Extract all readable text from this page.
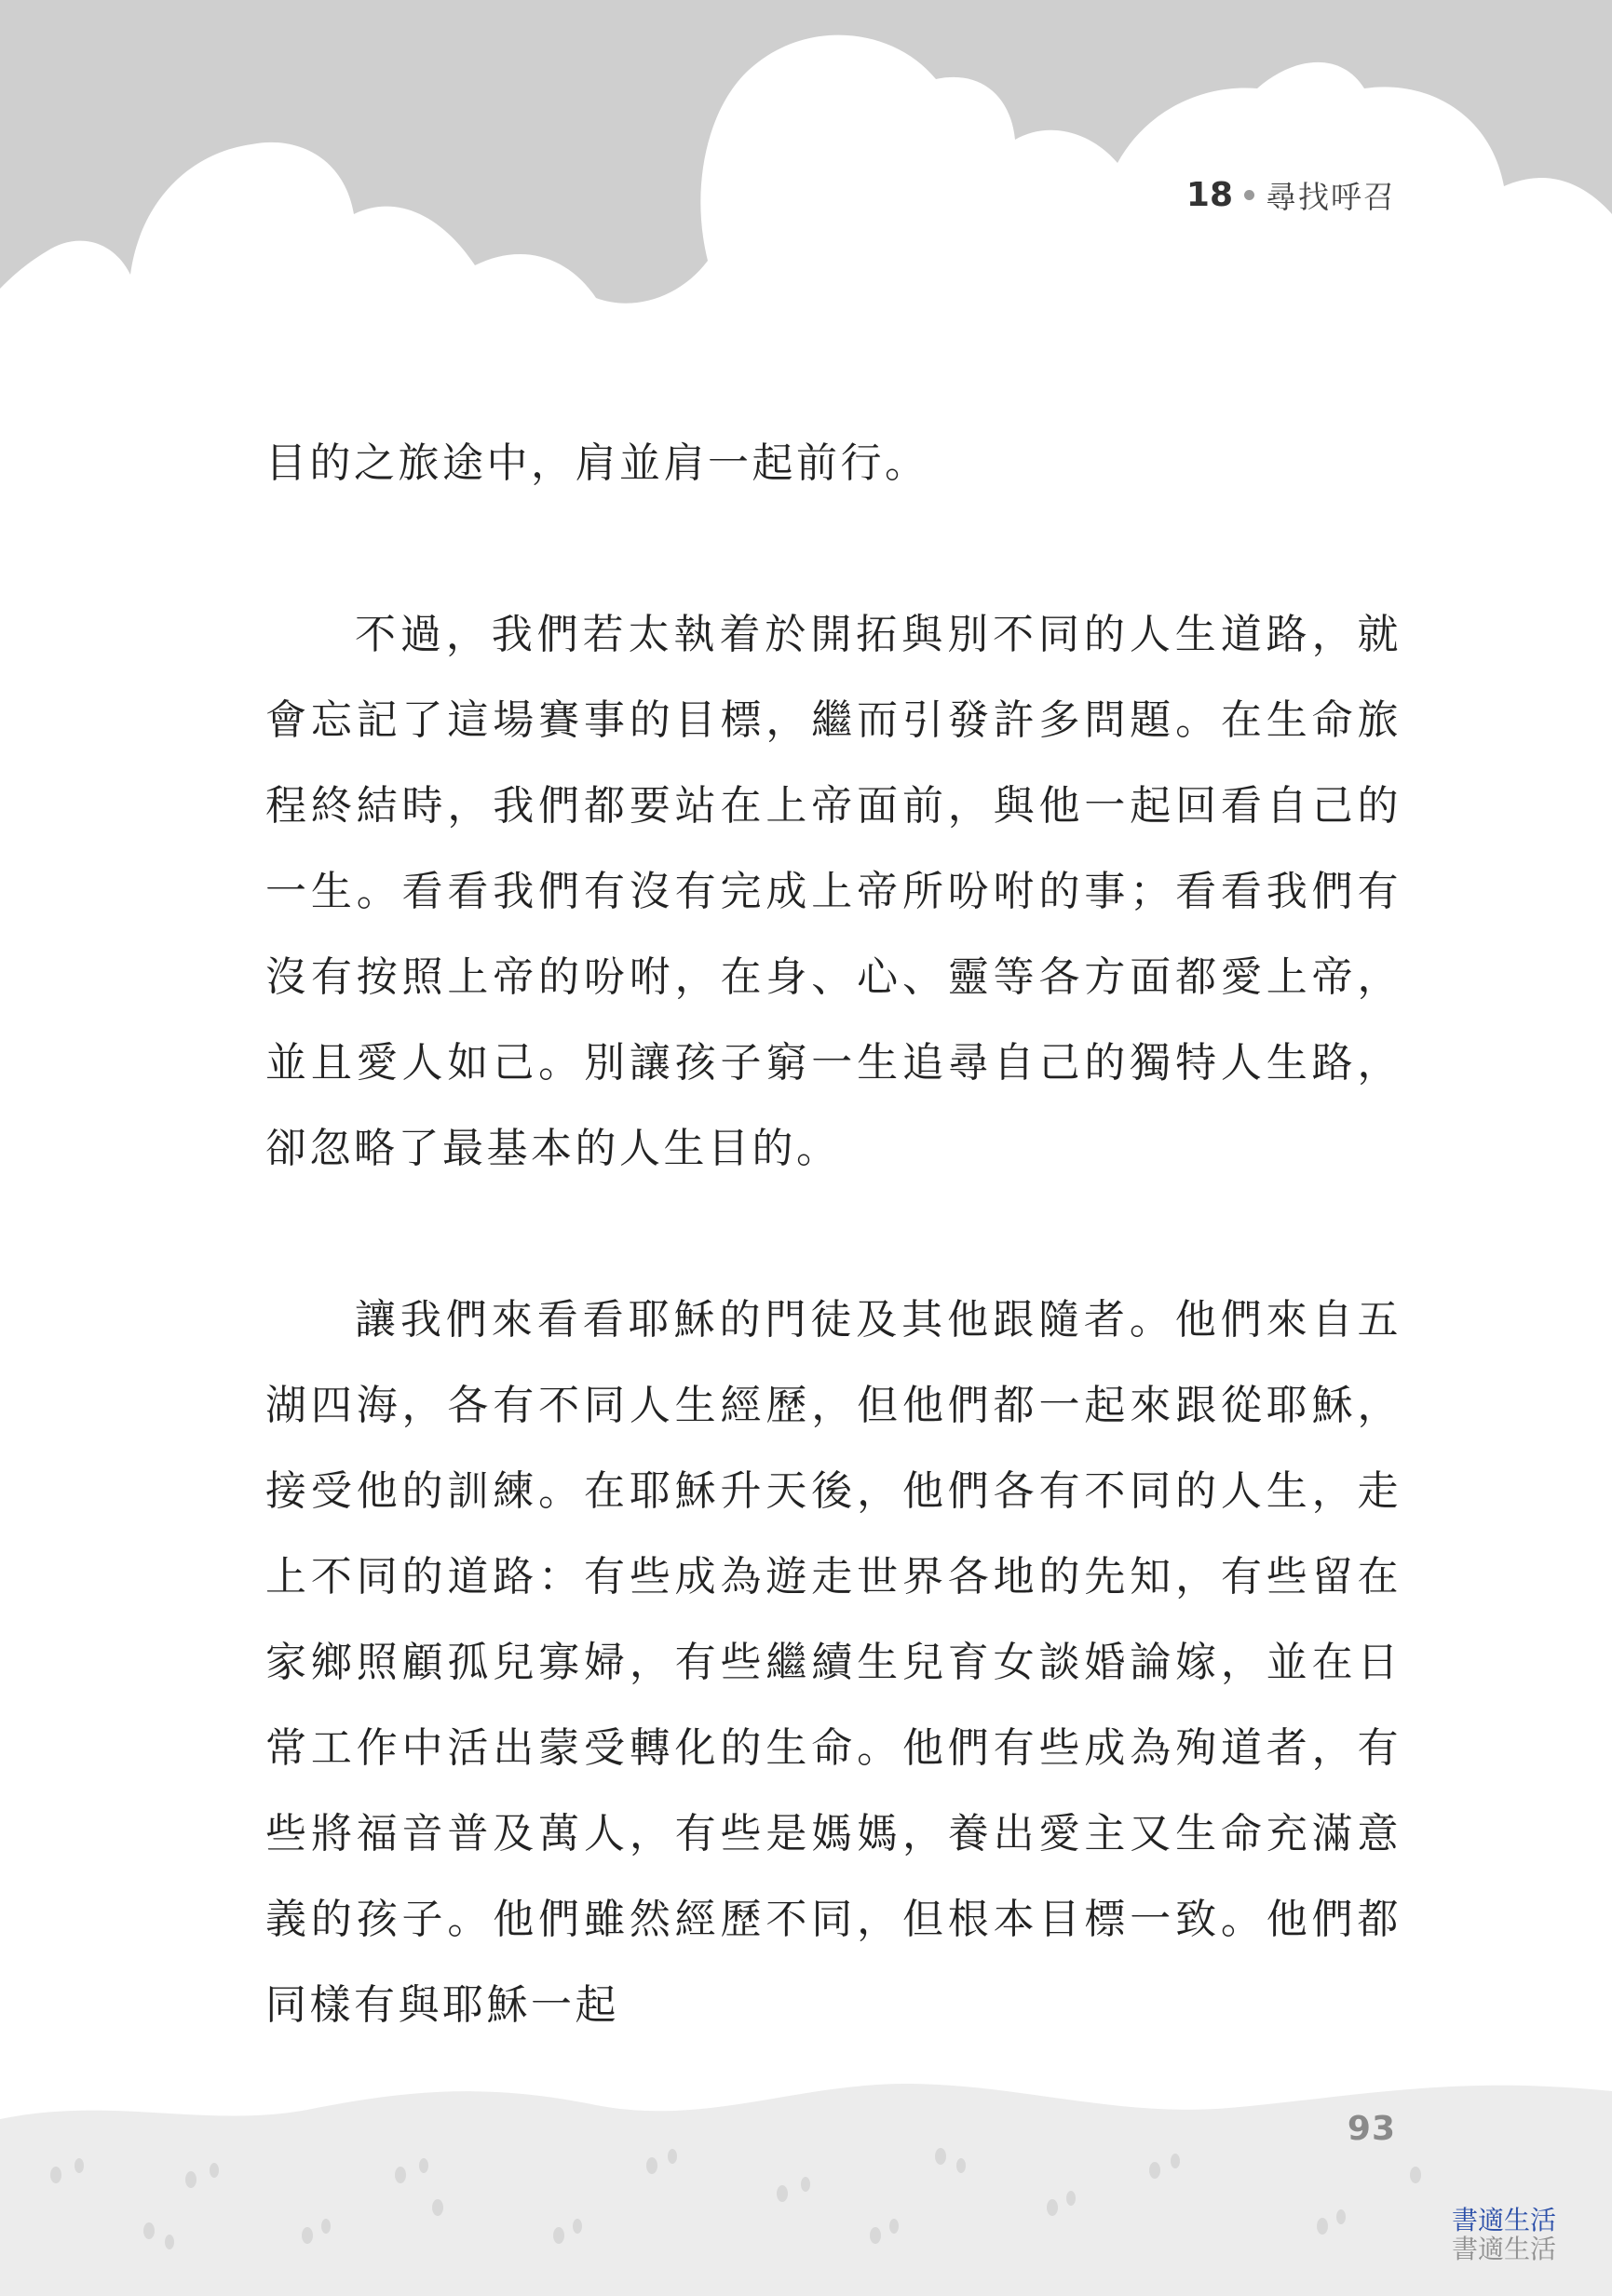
18 尋找呼召

目的之旅途中，肩並肩一起前行。

不過，我們若太執着於開拓與別不同的人生道路，就會忘記了這場賽事的目標，繼而引發許多問題。在生命旅程終結時，我們都要站在上帝面前，與他一起回看自己的一生。看看我們有沒有完成上帝所吩咐的事；看看我們有沒有按照上帝的吩咐，在身、心、靈等各方面都愛上帝，並且愛人如己。別讓孩子窮一生追尋自己的獨特人生路，卻忽略了最基本的人生目的。

讓我們來看看耶穌的門徒及其他跟隨者。他們來自五湖四海，各有不同人生經歷，但他們都一起來跟從耶穌，接受他的訓練。在耶穌升天後，他們各有不同的人生，走上不同的道路：有些成為遊走世界各地的先知，有些留在家鄉照顧孤兒寡婦，有些繼續生兒育女談婚論嫁，並在日常工作中活出蒙受轉化的生命。他們有些成為殉道者，有些將福音普及萬人，有些是媽媽，養出愛主又生命充滿意義的孩子。他們雖然經歷不同，但根本目標一致。他們都同樣有與耶穌一起

93
書適生活
書適生活
